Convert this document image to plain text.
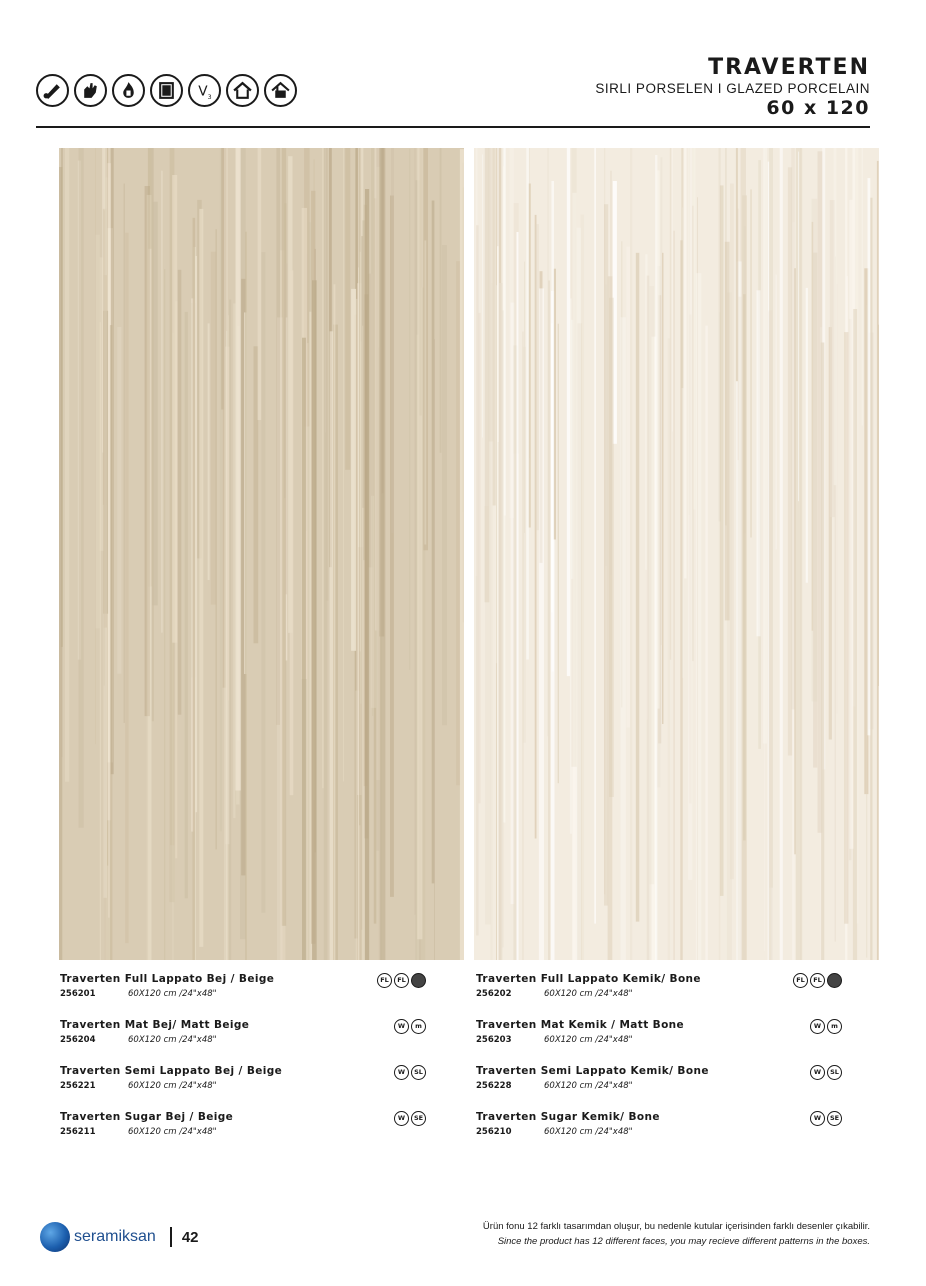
V 3
TRAVERTEN
SIRLI PORSELEN I GLAZED PORCELAIN
60 x 120
Traverten Full Lappato Bej / Beige
256201	60X120 cm /24"x48"
FL	FL
Traverten Mat Bej/ Matt Beige
256204	60X120 cm /24"x48"
W	m
Traverten Semi Lappato Bej / Beige
256221	60X120 cm /24"x48"
W	SL
Traverten Sugar Bej / Beige
256211	60X120 cm /24"x48"
W	SE
Traverten Full Lappato Kemik/ Bone
256202	60X120 cm /24"x48"
FL	FL
Traverten Mat Kemik / Matt Bone
256203	60X120 cm /24"x48"
W	m
Traverten Semi Lappato Kemik/ Bone
256228	60X120 cm /24"x48"
W	SL
Traverten Sugar Kemik/ Bone
256210	60X120 cm /24"x48"
W	SE
seramiksan 42
Ürün fonu 12 farklı tasarımdan oluşur, bu nedenle kutular içerisinden farklı desenler çıkabilir.
Since the product has 12 different faces, you may recieve different patterns in the boxes.
